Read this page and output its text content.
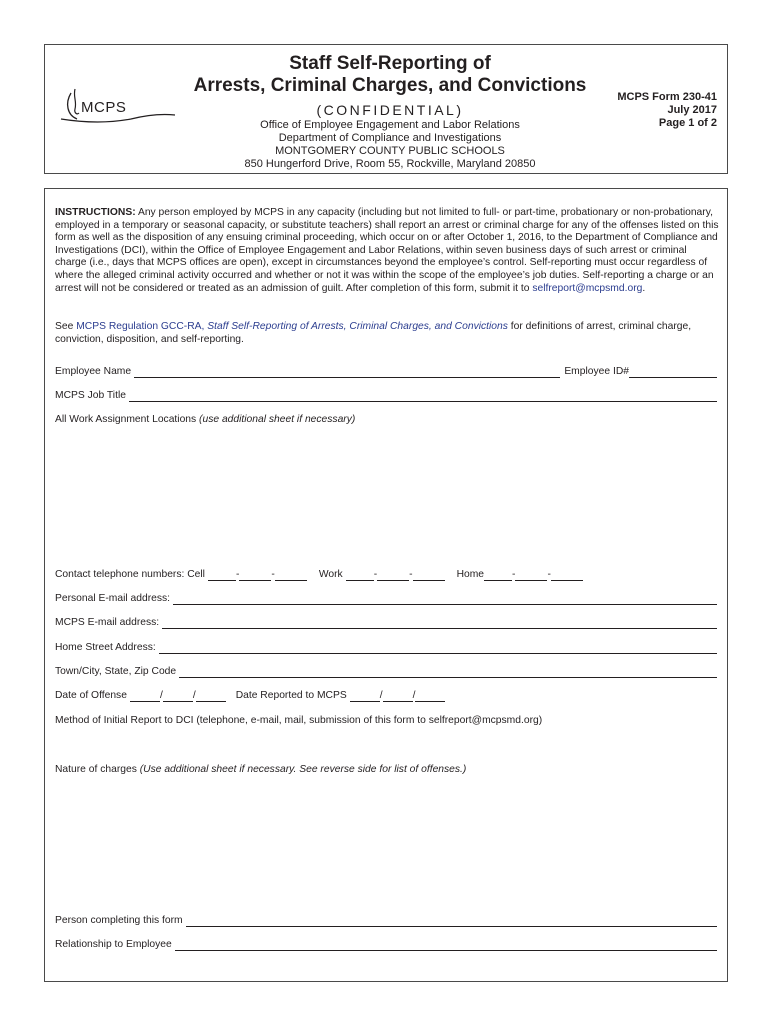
MCPS
Staff Self-Reporting of
Arrests, Criminal Charges, and Convictions
(CONFIDENTIAL)
Office of Employee Engagement and Labor Relations
Department of Compliance and Investigations
MONTGOMERY COUNTY PUBLIC SCHOOLS
850 Hungerford Drive, Room 55, Rockville, Maryland 20850
MCPS Form 230-41
July 2017
Page 1 of 2
INSTRUCTIONS: Any person employed by MCPS in any capacity (including but not limited to full- or part-time, probationary or non-probationary, employed in a temporary or seasonal capacity, or substitute teachers) shall report an arrest or criminal charge for any of the offenses listed on this form as well as the disposition of any ensuing criminal proceeding, which occur on or after October 1, 2016, to the Department of Compliance and Investigations (DCI), within the Office of Employee Engagement and Labor Relations, within seven business days of such arrest or criminal charge (i.e., days that MCPS offices are open), except in circumstances beyond the employee’s control. Self-reporting must occur regardless of where the alleged criminal activity occurred and whether or not it was within the scope of the employee’s job duties. Self-reporting a charge or an arrest will not be considered or treated as an admission of guilt. After completion of this form, submit it to selfreport@mcpsmd.org.
See MCPS Regulation GCC-RA, Staff Self-Reporting of Arrests, Criminal Charges, and Convictions for definitions of arrest, criminal charge, conviction, disposition, and self-reporting.
Employee Name	Employee ID#
MCPS Job Title
All Work Assignment Locations
(use additional sheet if necessary)
Contact telephone numbers: Cell	-	-	Work	-	-	Home	-	-
Personal E-mail address:
MCPS E-mail address:
Home Street Address:
Town/City, State, Zip Code
Date of Offense	/	/	Date Reported to MCPS	/	/
Method of Initial Report to DCI (telephone, e-mail, mail, submission of this form to selfreport@mcpsmd.org)
Nature of charges
(Use additional sheet if necessary. See reverse side for list of offenses.)
Person completing this form
Relationship to Employee
